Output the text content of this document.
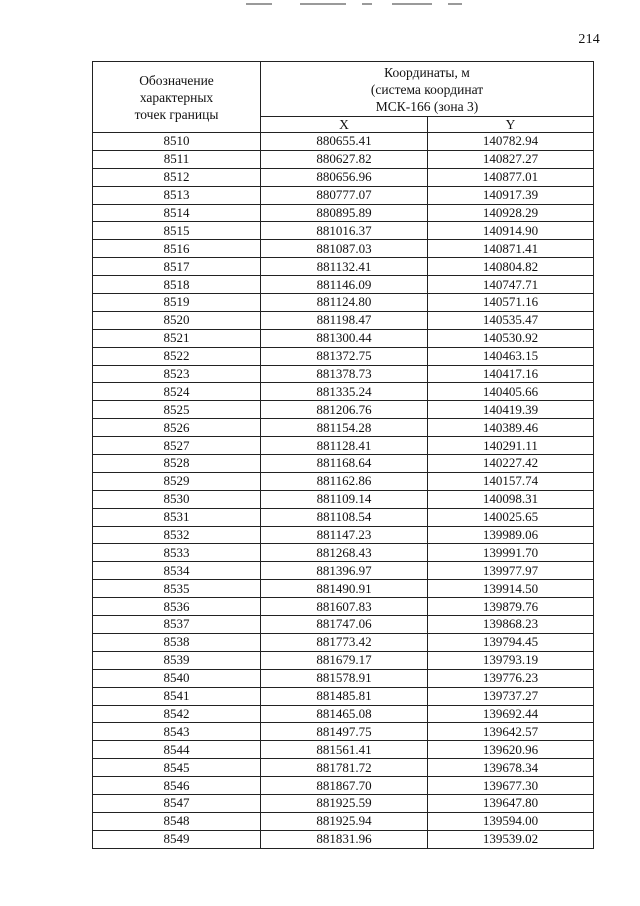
214
Обозначение
характерных
точек границы	Координаты, м
(система координат
МСК-166 (зона 3)	

	X	Y
8510	880655.41	140782.94
8511	880627.82	140827.27
8512	880656.96	140877.01
8513	880777.07	140917.39
8514	880895.89	140928.29
8515	881016.37	140914.90
8516	881087.03	140871.41
8517	881132.41	140804.82
8518	881146.09	140747.71
8519	881124.80	140571.16
8520	881198.47	140535.47
8521	881300.44	140530.92
8522	881372.75	140463.15
8523	881378.73	140417.16
8524	881335.24	140405.66
8525	881206.76	140419.39
8526	881154.28	140389.46
8527	881128.41	140291.11
8528	881168.64	140227.42
8529	881162.86	140157.74
8530	881109.14	140098.31
8531	881108.54	140025.65
8532	881147.23	139989.06
8533	881268.43	139991.70
8534	881396.97	139977.97
8535	881490.91	139914.50
8536	881607.83	139879.76
8537	881747.06	139868.23
8538	881773.42	139794.45
8539	881679.17	139793.19
8540	881578.91	139776.23
8541	881485.81	139737.27
8542	881465.08	139692.44
8543	881497.75	139642.57
8544	881561.41	139620.96
8545	881781.72	139678.34
8546	881867.70	139677.30
8547	881925.59	139647.80
8548	881925.94	139594.00
8549	881831.96	139539.02
